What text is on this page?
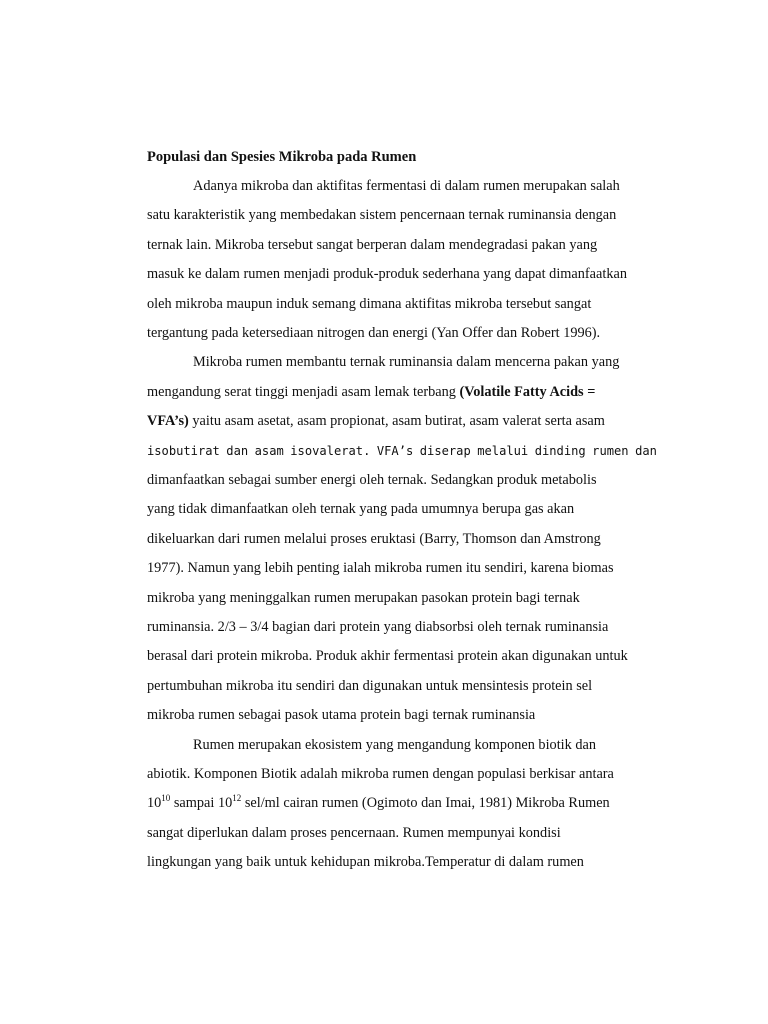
Populasi dan Spesies Mikroba pada Rumen
Adanya mikroba dan aktifitas fermentasi di dalam rumen merupakan salah
satu karakteristik yang membedakan sistem pencernaan ternak ruminansia dengan
ternak lain. Mikroba tersebut sangat berperan dalam mendegradasi pakan yang
masuk ke dalam rumen menjadi produk-produk sederhana yang dapat dimanfaatkan
oleh mikroba maupun induk semang dimana aktifitas mikroba tersebut sangat
tergantung pada ketersediaan nitrogen dan energi (Yan Offer dan Robert 1996).
Mikroba rumen membantu ternak ruminansia dalam mencerna pakan yang
mengandung serat tinggi menjadi asam lemak terbang (Volatile Fatty Acids =
VFA’s) yaitu asam asetat, asam propionat, asam butirat, asam valerat serta asam
isobutirat dan asam isovalerat. VFA’s diserap melalui dinding rumen dan
dimanfaatkan sebagai sumber energi oleh ternak. Sedangkan produk metabolis
yang tidak dimanfaatkan oleh ternak yang pada umumnya berupa gas akan
dikeluarkan dari rumen melalui proses eruktasi (Barry, Thomson dan Amstrong
1977). Namun yang lebih penting ialah mikroba rumen itu sendiri, karena biomas
mikroba yang meninggalkan rumen merupakan pasokan protein bagi ternak
ruminansia. 2/3 – 3/4 bagian dari protein yang diabsorbsi oleh ternak ruminansia
berasal dari protein mikroba. Produk akhir fermentasi protein akan digunakan untuk
pertumbuhan mikroba itu sendiri dan digunakan untuk mensintesis protein sel
mikroba rumen sebagai pasok utama protein bagi ternak ruminansia
Rumen merupakan ekosistem yang mengandung komponen biotik dan
abiotik. Komponen Biotik adalah mikroba rumen dengan populasi berkisar antara
$10^{10}$ sampai $10^{12}$ sel/ml cairan rumen (Ogimoto dan Imai, 1981) Mikroba Rumen
sangat diperlukan dalam proses pencernaan. Rumen mempunyai kondisi
lingkungan yang baik untuk kehidupan mikroba.Temperatur di dalam rumen
